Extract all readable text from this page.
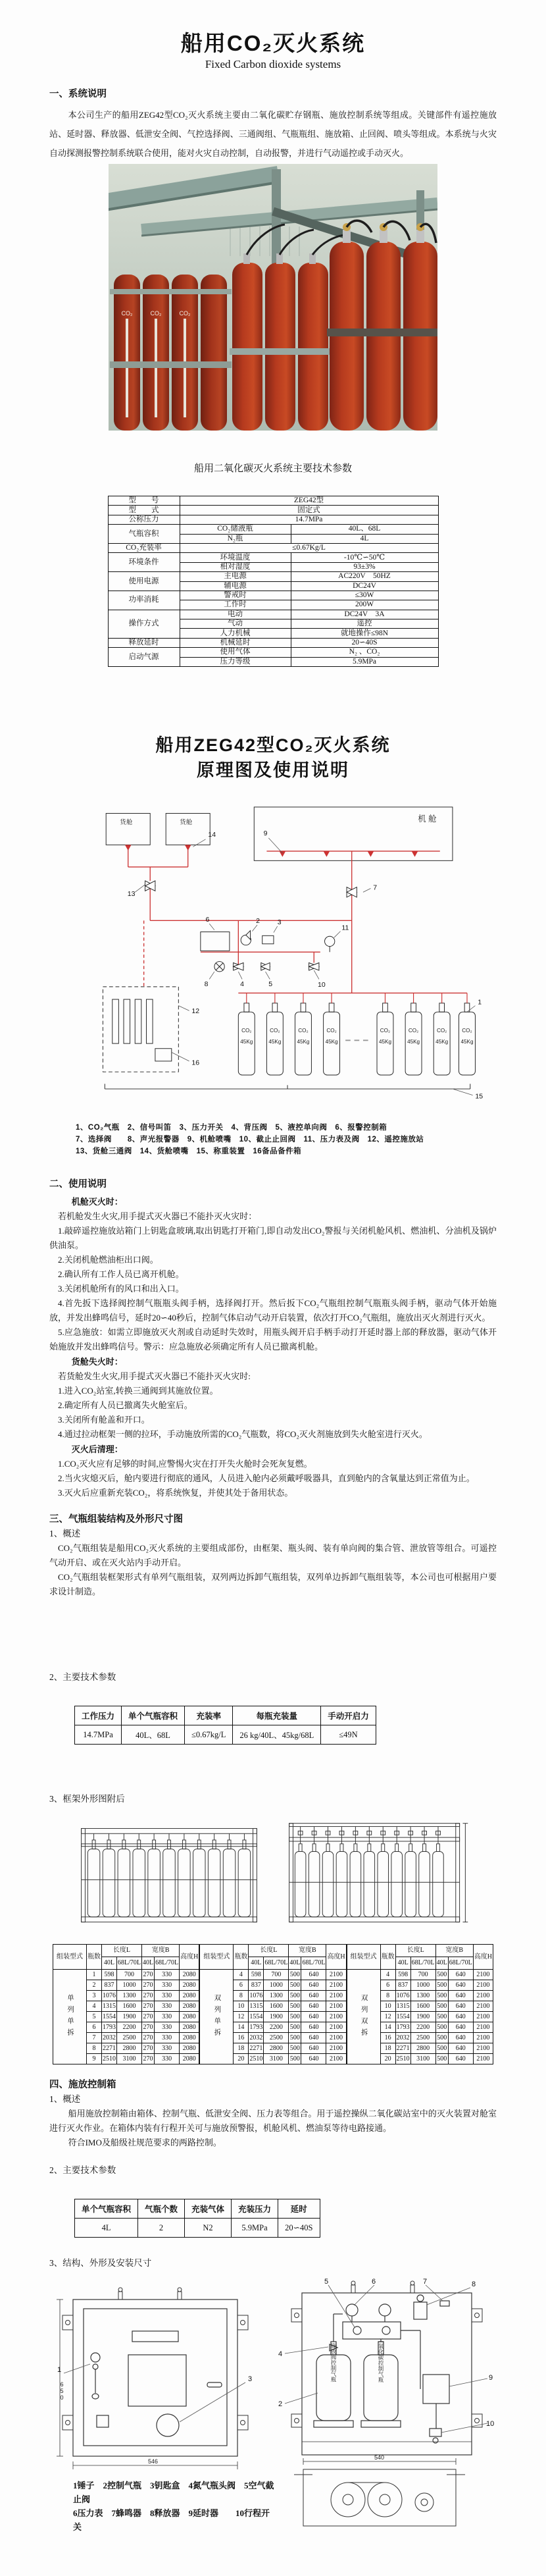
船用CO₂灭火系统
Fixed Carbon dioxide systems

一、系统说明

本公司生产的船用ZEG42型CO₂灭火系统主要由二氧化碳贮存钢瓶、施放控制系统等组成。关键部件有遥控施放站、延时器、释放器、低泄安全阀、气控选择阀、三通阀组、气瓶瓶组、施放箱、止回阀、喷头等组成。本系统与火灾自动探测报警控制系统联合使用，能对火灾自动控制，自动报警，并进行气动遥控或手动灭火。

CO₂	CO₂	CO₂
船用二氧化碳灭火系统主要技术参数
型　　号	ZEG42型	
型　　式	固定式	
公称压力	14.7MPa	
气瓶容积	CO₂储液瓶	40L、68L
	N₂瓶	4L
CO₂充装率	≤0.67Kg/L	
环境条件	环境温度	-10℃∽50℃
	相对湿度	93±3%
使用电源	主电源	AC220V　50HZ
	辅电源	DC24V
功率消耗	警戒时	≤30W
	工作时	200W
操作方式	电动	DC24V　3A
	气动	遥控
	人力机械	就地操作≤98N
释放延时	机械延时	20∽40S
启动气源	使用气体	N₂ 、CO₂
	压力等级	5.9MPa
船用ZEG42型CO₂灭火系统
原理图及使用说明
机 舱
货舱	货舱
CO₂
45Kg
CO₂
45Kg
CO₂
45Kg
CO₂
45Kg
CO₂
45Kg
CO₂
45Kg
CO₂
45Kg
CO₂
45Kg
1
2 3
4	5
6
7
8
9
10
11
12
13
14
15
16

1、CO₂气瓶　2、信号叫笛　3、压力开关　4、背压阀　5、液控单向阀　6、报警控制箱

7、选择阀　　8、声光报警器　9、机舱喷嘴　10、截止止回阀　11、压力表及阀　12、遥控施放站

13、货舱三通阀　14、货舱喷嘴　15、称重装置　16备品备件箱

二、使用说明

机舱灭火时：

若机舱发生火灾,用手提式灭火器已不能扑灭火灾时：

1.敲碎遥控施放站箱门上钥匙盒玻璃,取出钥匙打开箱门,即自动发出CO₂警报与关闭机舱风机、燃油机、分油机及锅炉供油泵。

2.关闭机舱燃油柜出口阀。

2.确认所有工作人员已离开机舱。

3.关闭机舱所有的风口和出入口。

4.首先扳下选择阀控制气瓶瓶头阀手柄，选择阀打开。然后扳下CO₂气瓶组控制气瓶瓶头阀手柄，驱动气体开始施放，并发出蜂鸣信号，延时20∽40秒后，控制气体启动气动开启装置，依次打开CO₂气瓶组，施放出灭火剂进行灭火。

5.应急施放：如需立即施放灭火剂或自动延时失效时，用瓶头阀开启手柄手动打开延时器上部的释放器，驱动气体开始施放并发出蜂鸣信号。警示：应急施放必须确定所有人员已撤离机舱。

货舱失火时：

若货舱发生火灾,用手提式灭火器已不能扑灭火灾时:

1.进入CO₂站室,转换三通阀到其施放位置。

2.确定所有人员已撤离失火舱室后。

3.关闭所有舱盖和开口。

4.通过拉动框架一侧的拉环，手动施放所需的CO₂气瓶数，将CO₂灭火剂施放到失火舱室进行灭火。

灭火后清理：

1.CO₂灭火应有足够的时间,应警惕火灾在打开失火舱时会死灰复燃。

2.当火灾熄灭后，舱内要进行彻底的通风，人员进入舱内必须戴呼吸器具，直到舱内的含氧量达到正常值为止。

3.灭火后应重新充装CO₂，将系统恢复，并使其处于备用状态。

三、气瓶组装结构及外形尺寸图

1、概述

CO₂气瓶组装是船用CO₂灭火系统的主要组成部份，由框架、瓶头阀、装有单向阀的集合管、泄放管等组合。可遥控气动开启、或在灭火站内手动开启。

CO₂气瓶组装框架形式有单列气瓶组装，双列两边拆卸气瓶组装，双列单边拆卸气瓶组装等，本公司也可根据用户要求设计制造。

2、主要技术参数

工作压力	单个气瓶容积	充装率	每瓶充装量	手动开启力
14.7MPa	40L、68L	≤0.67kg/L	26 kg/40L、45kg/68L	≤49N

3、框架外形图附后

组装型式	瓶数	长度L		宽度B		高度H
		40L	68L/70L	40L	68L/70L	
单列单拆	1	598	700	270	330	2080
	2	837	1000	270	330	2080
	3	1076	1300	270	330	2080
	4	1315	1600	270	330	2080
	5	1554	1900	270	330	2080
	6	1793	2200	270	330	2080
	7	2032	2500	270	330	2080
	8	2271	2800	270	330	2080
	9	2510	3100	270	330	2080
组装型式	瓶数	长度L		宽度B		高度H
		40L	68L/70L	40L	68L/70L	
双列单拆	4	598	700	500	640	2100
	6	837	1000	500	640	2100
	8	1076	1300	500	640	2100
	10	1315	1600	500	640	2100
	12	1554	1900	500	640	2100
	14	1793	2200	500	640	2100
	16	2032	2500	500	640	2100
	18	2271	2800	500	640	2100
	20	2510	3100	500	640	2100
组装型式	瓶数	长度L		宽度B		高度H
		40L	68L/70L	40L	68L/70L	
双列双拆	4	598	700	500	640	2100
	6	837	1000	500	640	2100
	8	1076	1300	500	640	2100
	10	1315	1600	500	640	2100
	12	1554	1900	500	640	2100
	14	1793	2200	500	640	2100
	16	2032	2500	500	640	2100
	18	2271	2800	500	640	2100
	20	2510	3100	500	640	2100

四、施放控制箱

1、概述

船用施放控制箱由箱体、控制气瓶、低泄安全阀、压力表等组合。用于遥控操纵二氧化碳站室中的灭火装置对舱室进行灭火作业。在箱体内装有行程开关可与施放预警报，机舱风机、燃油泵等待电路接通。

符合IMO及船级社规范要求的两路控制。

2、主要技术参数

单个气瓶容积	气瓶个数	充装气体	充装压力	延时
4L	2	N2	5.9MPa	20∽40S

3、结构、外形及安装尺寸

546
650
1
3	施放阀控制气瓶	二氧化碳控制气瓶
5	6	7	8
4
2
9
10
540

1锤子　2控制气瓶　3钥匙盒　4氮气瓶头阀　5空气截止阀

6压力表　7蜂鸣器　8释放器　9延时器　　10行程开关
